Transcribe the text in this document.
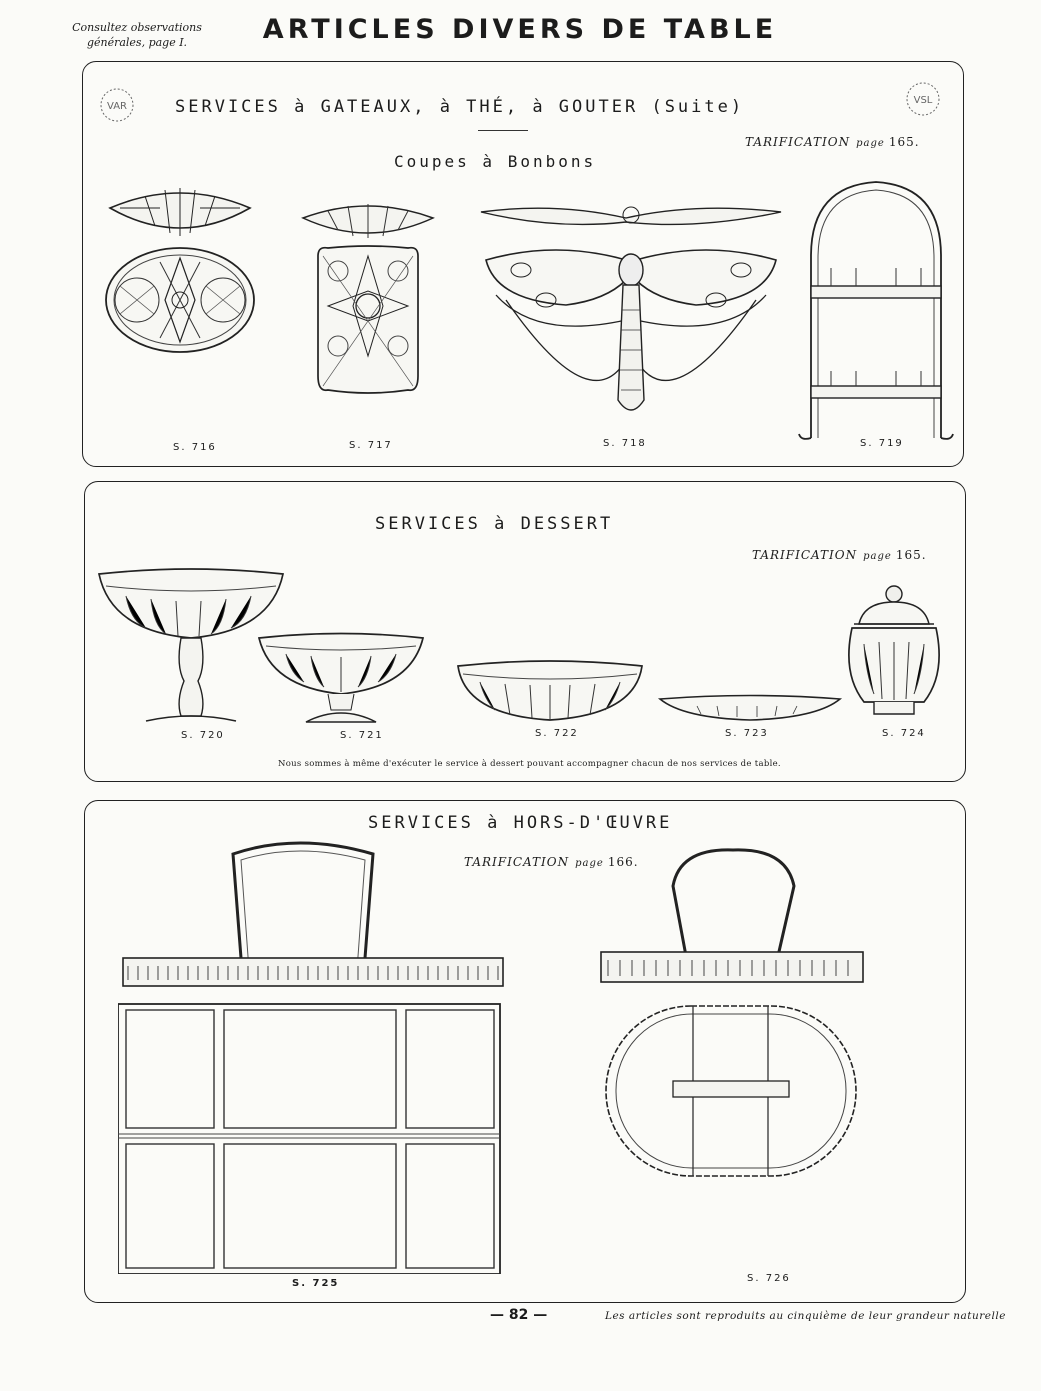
Consultez observations
générales, page I.	ARTICLES DIVERS DE TABLE
VAR
VSL
SERVICES à GATEAUX, à THÉ, à GOUTER (Suite)
TARIFICATION page 165.
Coupes à Bonbons
S. 716	S. 717	S. 718	S. 719
SERVICES à DESSERT
TARIFICATION page 165.
S. 720	S. 721	S. 722	S. 723	S. 724
Nous sommes à même d'exécuter le service à dessert pouvant accompagner chacun de nos services de table.
SERVICES à HORS-D'ŒUVRE
TARIFICATION page 166.
S. 725	S. 726
— 82 —	Les articles sont reproduits au cinquième de leur grandeur naturelle
